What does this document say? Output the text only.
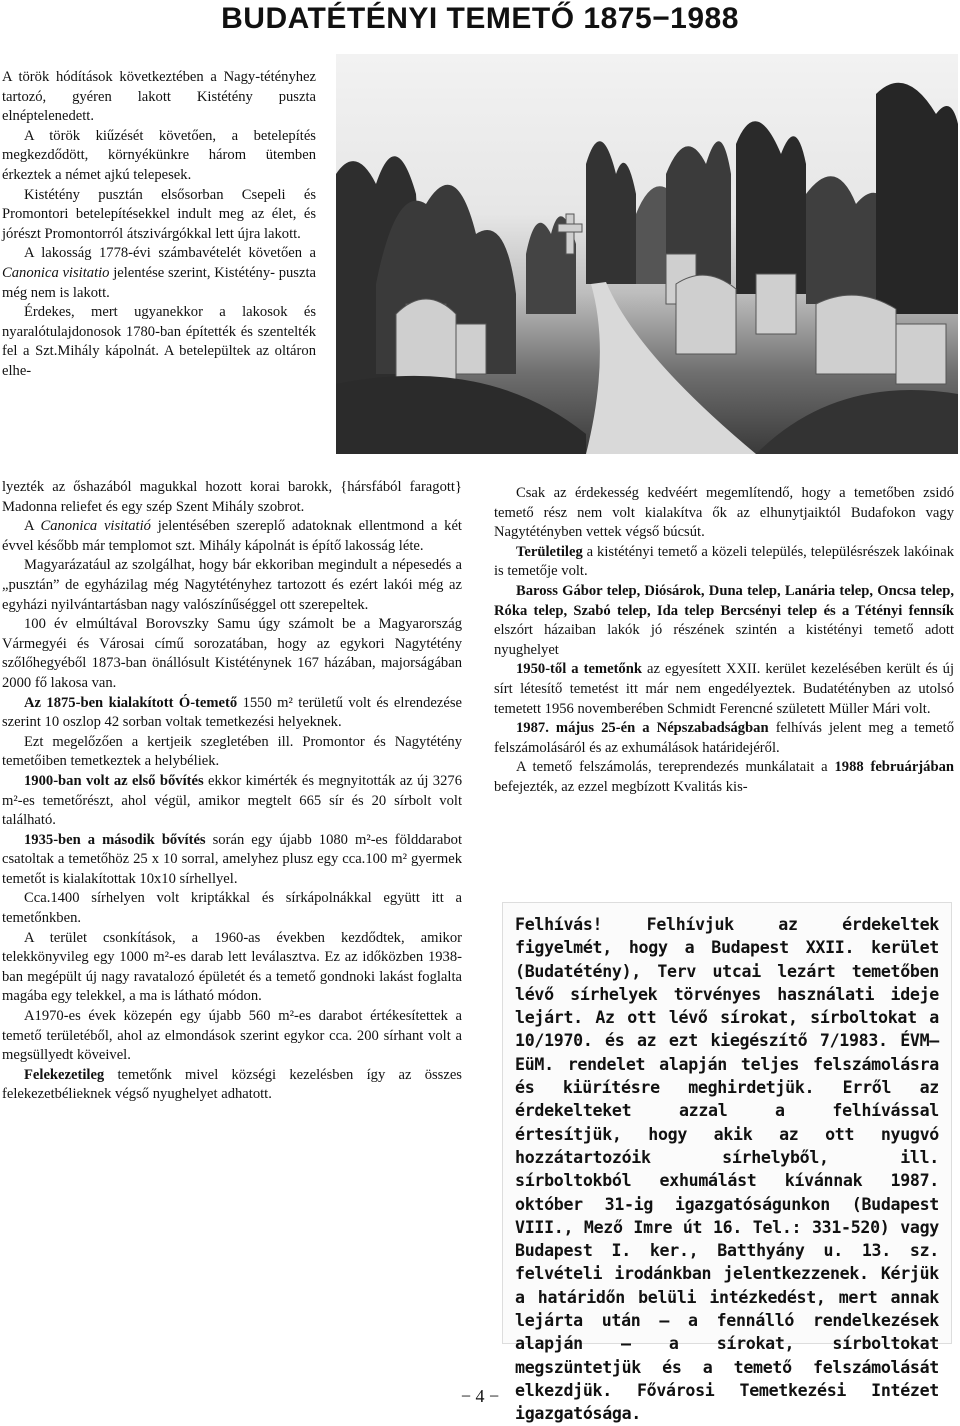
BUDATÉTÉNYI TEMETŐ 1875−1988
A török hódítások következtében a Nagy-tétényhez tartozó, gyéren lakott Kistétény puszta elnéptelenedett.
A török kiűzését követően, a betelepítés megkezdődött, környékünkre három ütemben érkeztek a német ajkú telepesek.
Kistétény pusztán elsősorban Csepeli és Promontori betelepítésekkel indult meg az élet, és jórészt Promontorról átszivárgókkal lett újra lakott.
A lakosság 1778-évi számbavételét követően a Canonica visitatio jelentése szerint, Kistétény- puszta még nem is lakott.
Érdekes, mert ugyanekkor a lakosok és nyaralótulajdonosok 1780-ban építették és szentelték fel a Szt.Mihály kápolnát. A betelepültek az oltáron elhe-
lyezték az őshazából magukkal hozott korai barokk, {hársfából faragott} Madonna reliefet és egy szép Szent Mihály szobrot.
A Canonica visitatió jelentésében szereplő adatoknak ellentmond a két évvel később már templomot szt. Mihály kápolnát is építő lakosság léte.
Magyarázatául az szolgálhat, hogy bár ekkoriban megindult a népesedés a „pusztán” de egyházilag még Nagytétényhez tartozott és ezért lakói még az egyházi nyilvántartásban nagy valószínűséggel ott szerepeltek.
100 év elmúltával Borovszky Samu úgy számolt be a Magyarország Vármegyéi és Városai című sorozatában, hogy az egykori Nagytétény szőlőhegyéből 1873-ban önállósult Kistéténynek 167 házában, majorságában 2000 fő lakosa van.
Az 1875-ben kialakított Ó-temető 1550 m² területű volt és elrendezése szerint 10 oszlop 42 sorban voltak temetkezési helyeknek.
Ezt megelőzően a kertjeik szegletében ill. Promontor és Nagytétény temetőiben temetkeztek a helybéliek.
1900-ban volt az első bővítés ekkor kimérték és megnyitották az új 3276 m²-es temetőrészt, ahol végül, amikor megtelt 665 sír és 20 sírbolt volt található.
1935-ben a második bővítés során egy újabb 1080 m²-es földdarabot csatoltak a temetőhöz 25 x 10 sorral, amelyhez plusz egy cca.100 m² gyermek temetőt is kialakítottak 10x10 sírhellyel.
Cca.1400 sírhelyen volt kriptákkal és sírkápolnákkal együtt itt a temetőnkben.
A terület csonkítások, a 1960-as években kezdődtek, amikor telekkönyvileg egy 1000 m²-es darab lett leválasztva. Ez az időközben 1938-ban megépült új nagy ravatalozó épületét és a temető gondnoki lakást foglalta magába egy telekkel, a ma is látható módon.
A1970-es évek közepén egy újabb 560 m²-es darabot értékesítettek a temető területéből, ahol az elmondások szerint egykor cca. 200 sírhant volt a megsüllyedt köveivel.
Felekezetileg temetőnk mivel községi kezelésben így az összes felekezetbélieknek végső nyughelyet adhatott.
Csak az érdekesség kedvéért megemlítendő, hogy a temetőben zsidó temető rész nem volt kialakítva ők az elhunytjaiktól Budafokon vagy Nagytétényben vettek végső búcsút.
Területileg a kistétényi temető a közeli település, településrészek lakóinak is temetője volt.
Baross Gábor telep, Diósárok, Duna telep, Lanária telep, Oncsa telep, Róka telep, Szabó telep, Ida telep Bercsényi telep és a Tétényi fennsík elszórt házaiban lakók jó részének szintén a kistétényi temető adott nyughelyet
1950-től a temetőnk az egyesített XXII. kerület kezelésében került és új sírt létesítő temetést itt már nem engedélyeztek. Budatétényben az utolsó temetett 1956 novemberében Schmidt Ferencné született Müller Mári volt.
1987. május 25-én a Népszabadságban felhívás jelent meg a temető felszámolásáról és az exhumálások határidejéről.
A temető felszámolás, tereprendezés munkálatait a 1988 februárjában befejezték, az ezzel megbízott Kvalitás kis-

Felhívás! Felhívjuk az érdekeltek figyelmét, hogy a Budapest XXII. kerület (Budatétény), Terv utcai lezárt temetőben lévő sírhelyek törvényes használati ideje lejárt. Az ott lévő sírokat, sírboltokat a 10/1970. és az ezt kiegészítő 7/1983. ÉVM—EüM. rendelet alapján teljes felszámolásra és kiürítésre meghirdetjük. Erről az érdekelteket azzal a felhívással értesítjük, hogy akik az ott nyugvó hozzátartozóik sírhelyből, ill. sírboltokból exhumálást kívánnak 1987. október 31-ig igazgatóságunkon (Budapest VIII., Mező Imre út 16. Tel.: 331-520) vagy Budapest I. ker., Batthyány u. 13. sz. felvételi irodánkban jelentkezzenek. Kérjük a határidőn belüli intézkedést, mert annak lejárta után — a fennálló rendelkezések alapján — a sírokat, sírboltokat megszüntetjük és a temető felszámolását elkezdjük. Fővárosi Temetkezési Intézet igazgatósága.

− 4 −
